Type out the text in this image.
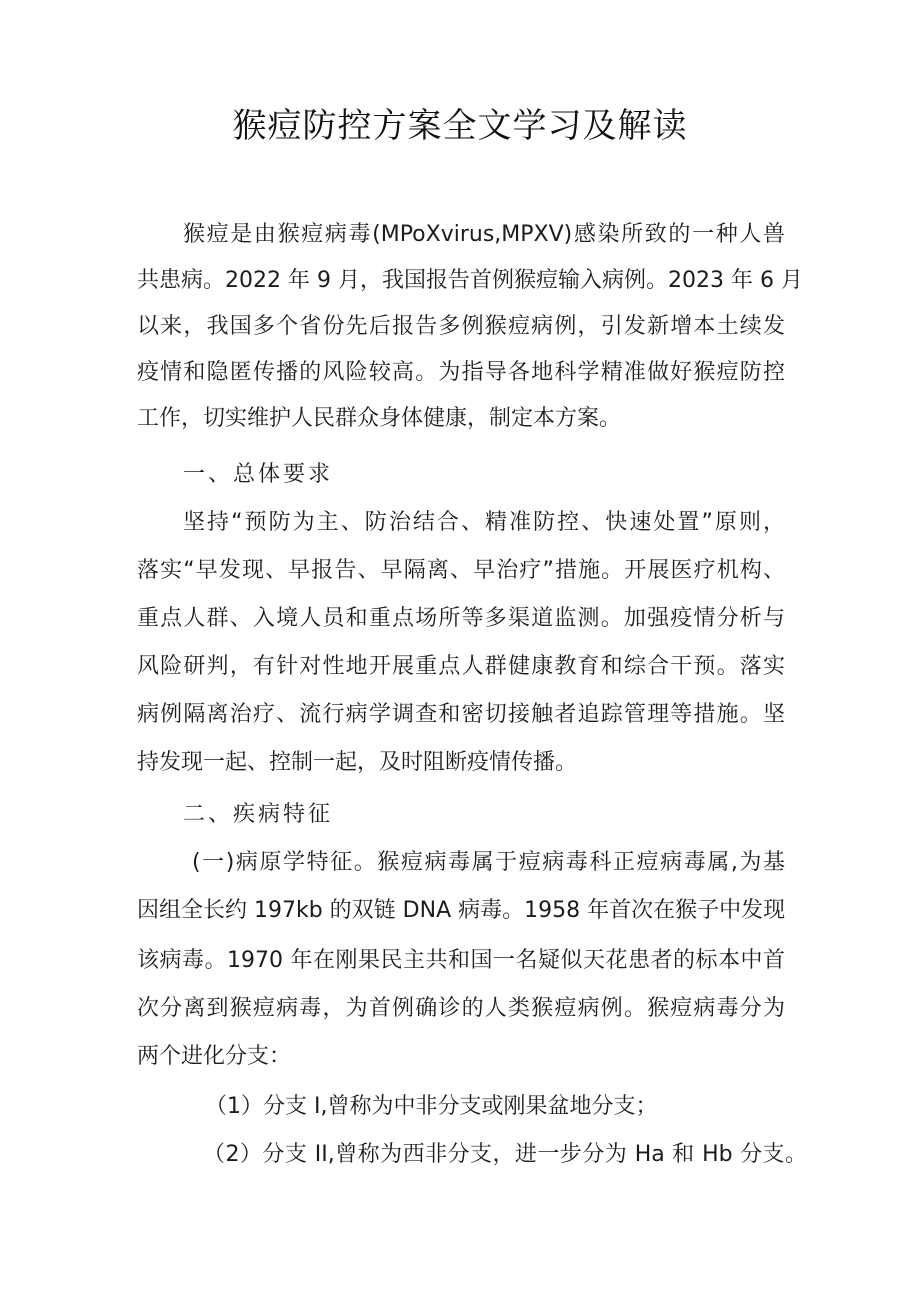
猴痘防控方案全文学习及解读
猴痘是由猴痘病毒(MPoXvirus,MPXV)感染所致的一种人兽
共患病。2022 年 9 月，我国报告首例猴痘输入病例。2023 年 6 月
以来，我国多个省份先后报告多例猴痘病例，引发新增本土续发
疫情和隐匿传播的风险较高。为指导各地科学精准做好猴痘防控
工作，切实维护人民群众身体健康，制定本方案。
一、总体要求
坚持“预防为主、防治结合、精准防控、快速处置”原则，
落实“早发现、早报告、早隔离、早治疗”措施。开展医疗机构、
重点人群、入境人员和重点场所等多渠道监测。加强疫情分析与
风险研判，有针对性地开展重点人群健康教育和综合干预。落实
病例隔离治疗、流行病学调查和密切接触者追踪管理等措施。坚
持发现一起、控制一起，及时阻断疫情传播。
二、疾病特征
(一)病原学特征。猴痘病毒属于痘病毒科正痘病毒属,为基
因组全长约 197kb 的双链 DNA 病毒。1958 年首次在猴子中发现
该病毒。1970 年在刚果民主共和国一名疑似天花患者的标本中首
次分离到猴痘病毒，为首例确诊的人类猴痘病例。猴痘病毒分为
两个进化分支：
（1）分支 I,曾称为中非分支或刚果盆地分支；
（2）分支 II,曾称为西非分支，进一步分为 Ha 和 Hb 分支。
